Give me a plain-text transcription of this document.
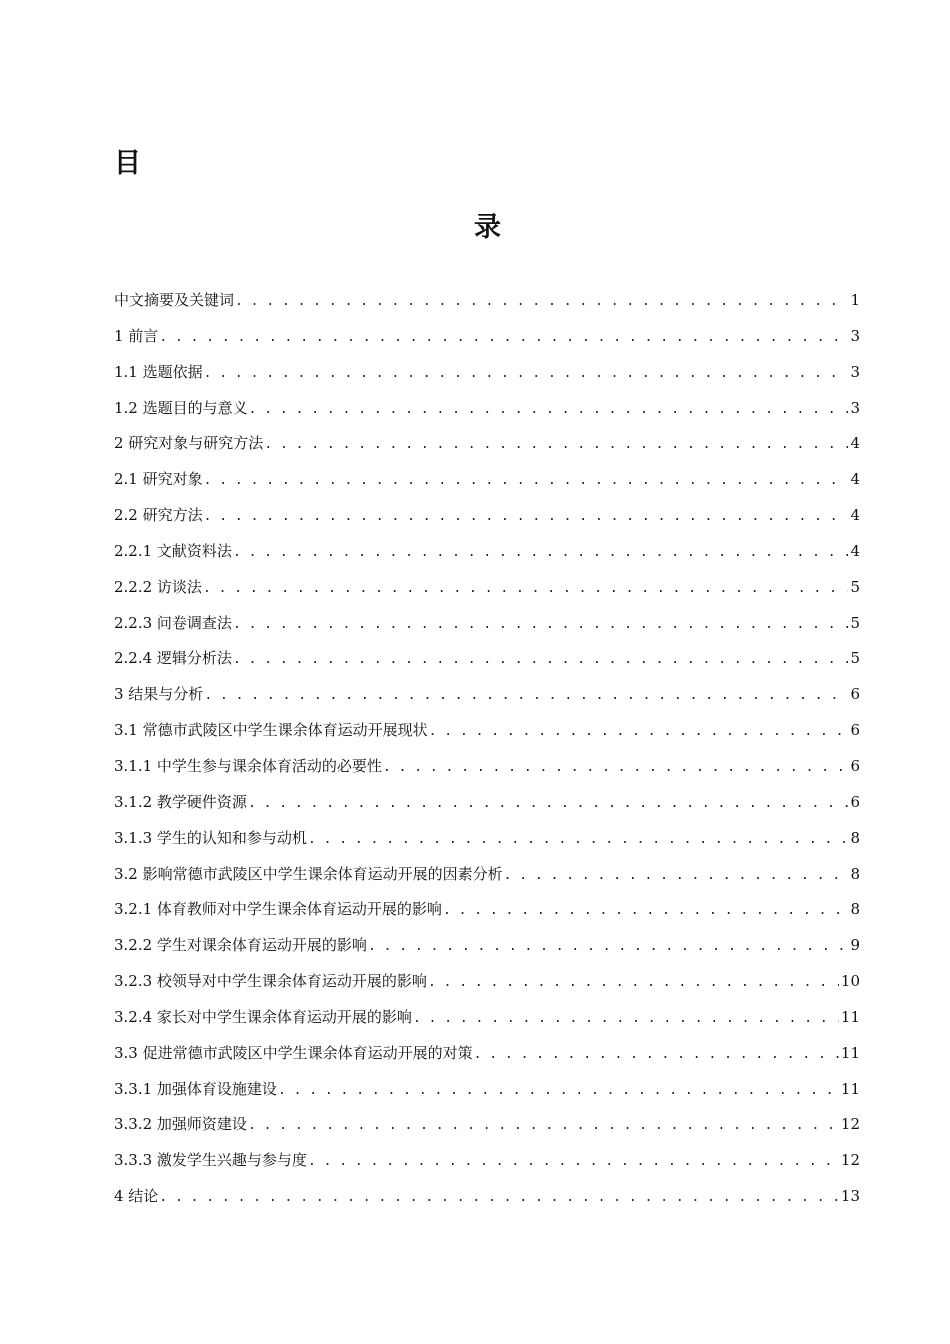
目
录
中文摘要及关键词 . . .	1
1 前言 . . .	3
1.1 选题依据 . . .	3
1.2 选题目的与意义 . . .	3
2 研究对象与研究方法 . . .	4
2.1 研究对象 . . .	4
2.2 研究方法 . . .	4
2.2.1 文献资料法 . . .	4
2.2.2 访谈法 . . .	5
2.2.3 问卷调查法 . . .	5
2.2.4 逻辑分析法 . . .	5
3 结果与分析 . . .	6
3.1 常德市武陵区中学生课余体育运动开展现状 . . .	6
3.1.1 中学生参与课余体育活动的必要性 . . .	6
3.1.2 教学硬件资源 . . .	6
3.1.3 学生的认知和参与动机 . . .	8
3.2 影响常德市武陵区中学生课余体育运动开展的因素分析 . . .	8
3.2.1 体育教师对中学生课余体育运动开展的影响 . . .	8
3.2.2 学生对课余体育运动开展的影响 . . .	9
3.2.3 校领导对中学生课余体育运动开展的影响 . . .	10
3.2.4 家长对中学生课余体育运动开展的影响 . . .	11
3.3 促进常德市武陵区中学生课余体育运动开展的对策 . . .	11
3.3.1 加强体育设施建设 . . .	11
3.3.2 加强师资建设 . . .	12
3.3.3 激发学生兴趣与参与度 . . .	12
4 结论 . . .	13
